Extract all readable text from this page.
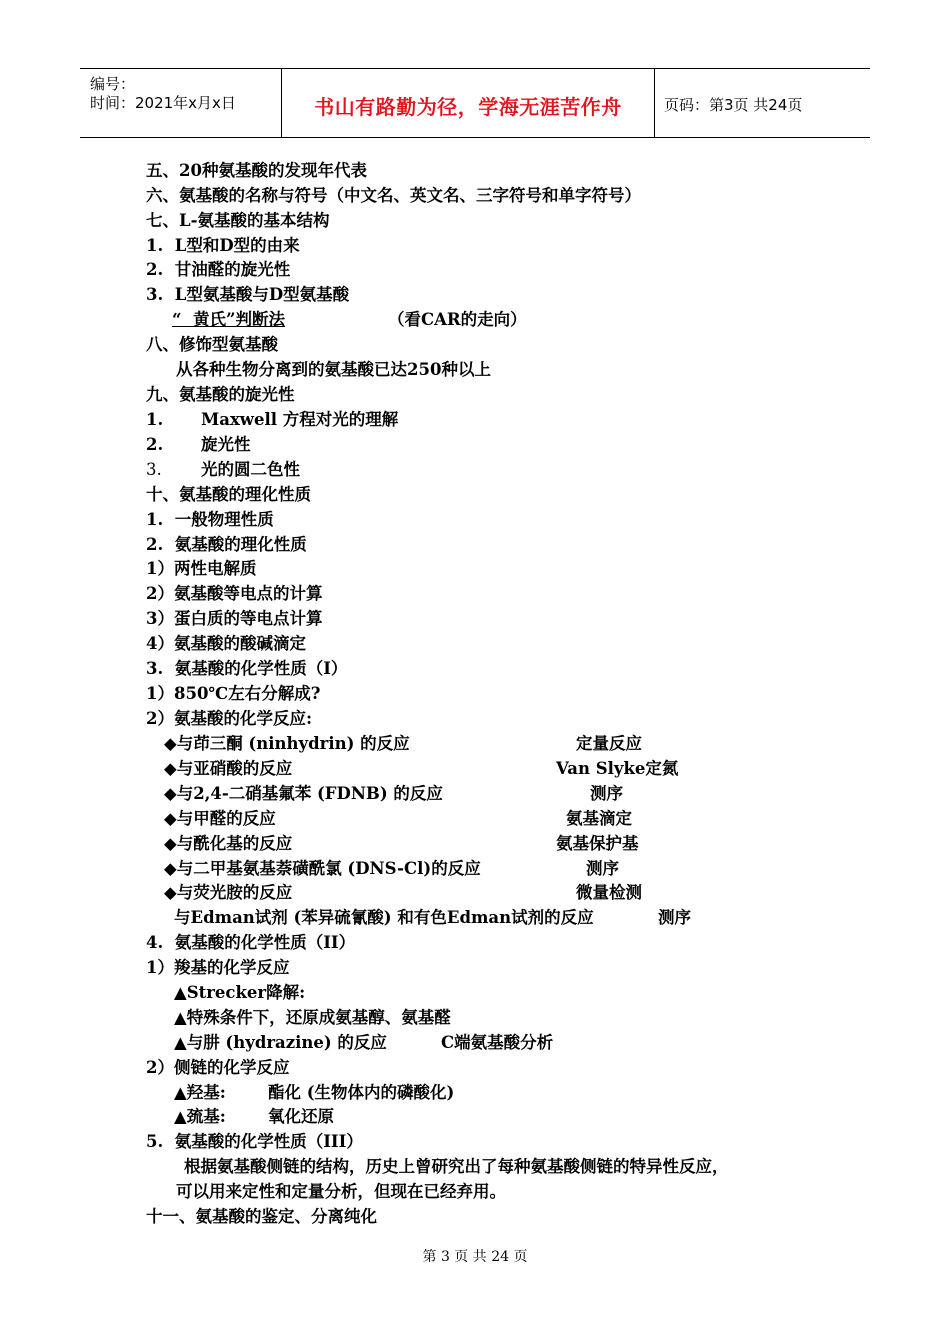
编号：
时间：2021年x月x日	书山有路勤为径，学海无涯苦作舟	页码：第3页 共24页
五、20种氨基酸的发现年代表
六、氨基酸的名称与符号（中文名、英文名、三字符号和单字符号）
七、L-氨基酸的基本结构
1.  L型和D型的由来
2.  甘油醛的旋光性
3.  L型氨基酸与D型氨基酸
“  黄氏”判断法	（看CAR的走向）
八、修饰型氨基酸
从各种生物分离到的氨基酸已达250种以上
九、氨基酸的旋光性
1. Maxwell 方程对光的理解
2. 旋光性
3. 光的圆二色性
十、氨基酸的理化性质
1.  一般物理性质
2.  氨基酸的理化性质
1）两性电解质
2）氨基酸等电点的计算
3）蛋白质的等电点计算
4）氨基酸的酸碱滴定
3.  氨基酸的化学性质（I）
1）850℃左右分解成?
2）氨基酸的化学反应:
◆与茚三酮 (ninhydrin) 的反应	定量反应
◆与亚硝酸的反应	Van Slyke定氮
◆与2,4-二硝基氟苯 (FDNB) 的反应	测序
◆与甲醛的反应	氨基滴定
◆与酰化基的反应	氨基保护基
◆与二甲基氨基萘磺酰氯 (DNS-Cl)的反应	测序
◆与荧光胺的反应	微量检测
与Edman试剂 (苯异硫氰酸) 和有色Edman试剂的反应	测序
4.  氨基酸的化学性质（II）
1）羧基的化学反应
▲Strecker降解:
▲特殊条件下，还原成氨基醇、氨基醛
▲与肼 (hydrazine) 的反应	C端氨基酸分析
2）侧链的化学反应
▲羟基:	酯化 (生物体内的磷酸化)
▲巯基:	氧化还原
5.  氨基酸的化学性质（III）
根据氨基酸侧链的结构，历史上曾研究出了每种氨基酸侧链的特异性反应，
可以用来定性和定量分析，但现在已经弃用。
十一、氨基酸的鉴定、分离纯化
第 3 页 共 24 页
